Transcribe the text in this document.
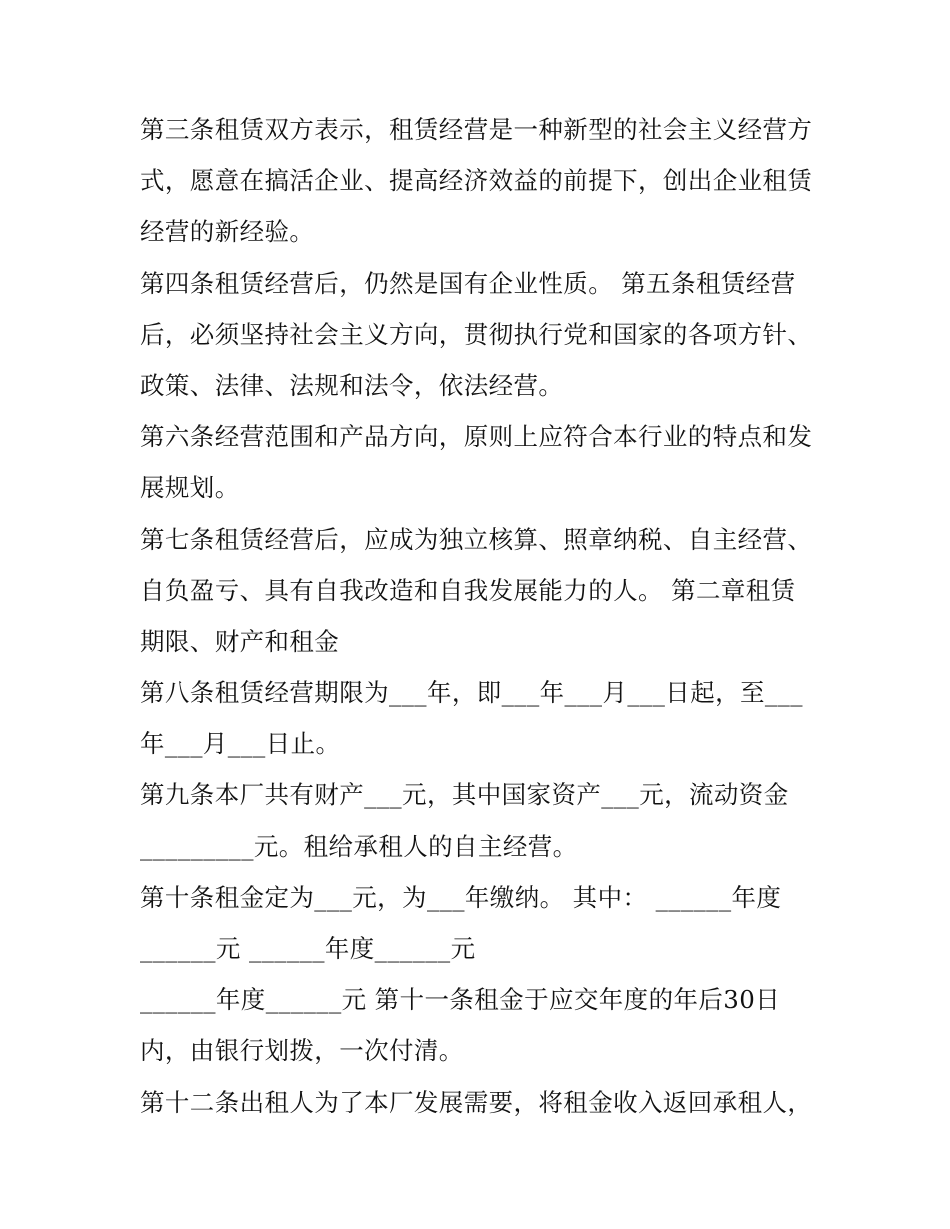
第三条租赁双方表示，租赁经营是一种新型的社会主义经营方
式，愿意在搞活企业、提高经济效益的前提下，创出企业租赁
经营的新经验。
第四条租赁经营后，仍然是国有企业性质。 第五条租赁经营
后，必须坚持社会主义方向，贯彻执行党和国家的各项方针、
政策、法律、法规和法令，依法经营。
第六条经营范围和产品方向，原则上应符合本行业的特点和发
展规划。
第七条租赁经营后，应成为独立核算、照章纳税、自主经营、
自负盈亏、具有自我改造和自我发展能力的人。 第二章租赁
期限、财产和租金
第八条租赁经营期限为___年，即___年___月___日起，至___
年___月___日止。
第九条本厂共有财产___元，其中国家资产___元，流动资金
_________元。租给承租人的自主经营。
第十条租金定为___元，为___年缴纳。 其中： ______年度
______元 ______年度______元
______年度______元 第十一条租金于应交年度的年后30日
内，由银行划拨，一次付清。
第十二条出租人为了本厂发展需要，将租金收入返回承租人，
